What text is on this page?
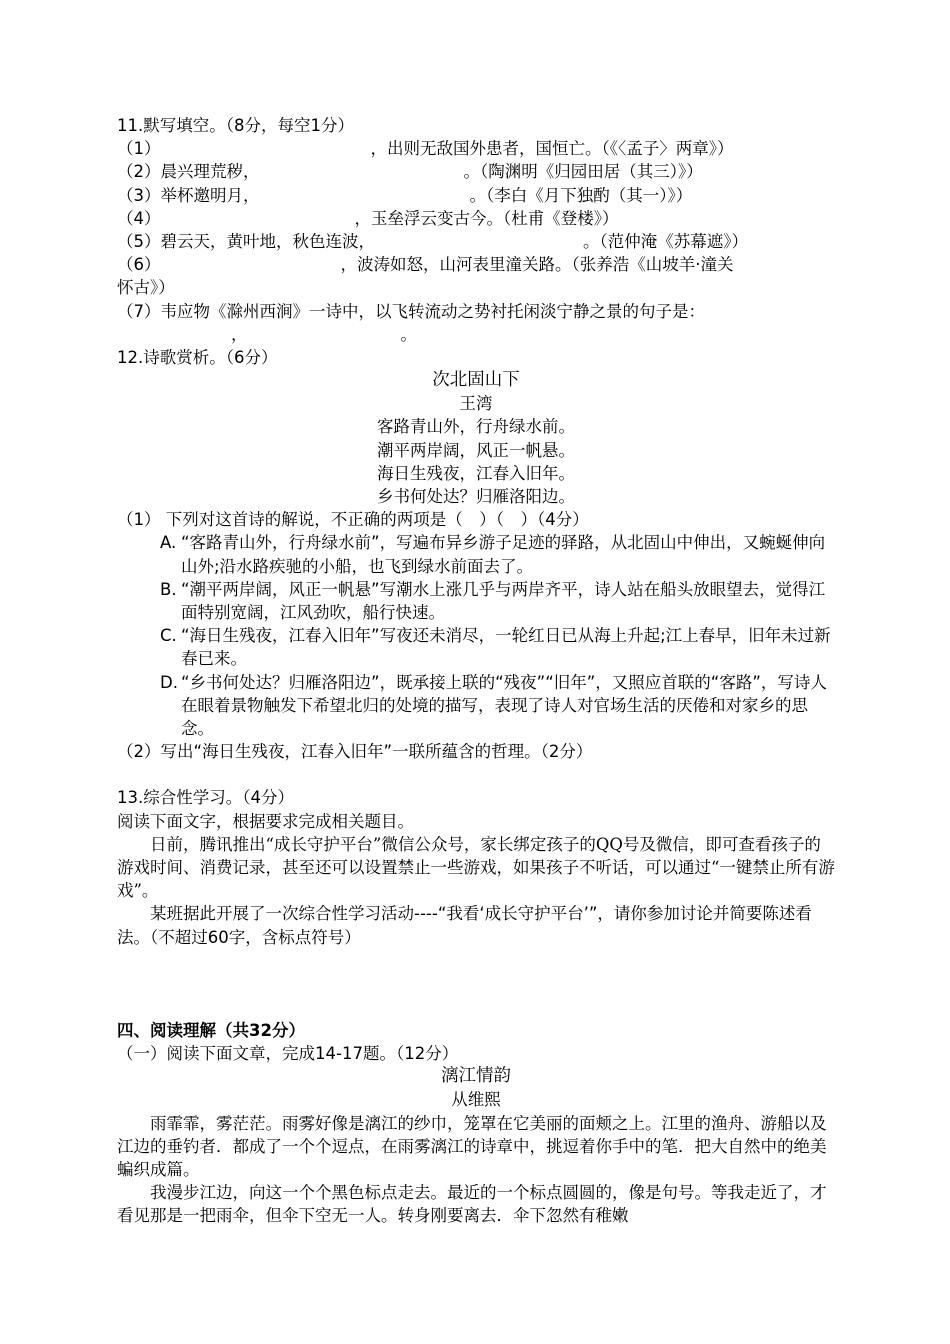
11.默写填空。（8分，每空1分）
（1）	，出则无敌国外患者，国恒亡。（《〈孟子〉两章》）
（2）晨兴理荒秽，	。（陶渊明《归园田居（其三）》）
（3）举杯邀明月，	。（李白《月下独酌（其一）》）
（4）	，玉垒浮云变古今。（杜甫《登楼》）
（5）碧云天，黄叶地，秋色连波，	。（范仲淹《苏幕遮》）
（6）	，波涛如怒，山河表里潼关路。（张养浩《山坡羊·潼关
怀古》）
（7）韦应物《滁州西涧》一诗中，以飞转流动之势衬托闲淡宁静之景的句子是：
，	。
12.诗歌赏析。（6分）
次北固山下
王湾
客路青山外，行舟绿水前。
潮平两岸阔，风正一帆悬。
海日生残夜，江春入旧年。
乡书何处达？归雁洛阳边。
（1） 下列对这首诗的解说，不正确的两项是（　）（　）（4分）
A. “客路青山外，行舟绿水前”，写遍布异乡游子足迹的驿路，从北固山中伸出，又蜿蜒伸向山外;沿水路疾驰的小船，也飞到绿水前面去了。
B. “潮平两岸阔，风正一帆悬”写潮水上涨几乎与两岸齐平，诗人站在船头放眼望去，觉得江面特别宽阔，江风劲吹，船行快速。
C. “海日生残夜，江春入旧年”写夜还未消尽，一轮红日已从海上升起;江上春早，旧年未过新春已来。
D. “乡书何处达？归雁洛阳边”，既承接上联的“残夜”“旧年”，又照应首联的“客路”，写诗人在眼着景物触发下希望北归的处境的描写，表现了诗人对官场生活的厌倦和对家乡的思念。
（2）写出“海日生残夜，江春入旧年”一联所蕴含的哲理。（2分）
13.综合性学习。（4分）
阅读下面文字，根据要求完成相关题目。
日前，腾讯推出“成长守护平台”微信公众号，家长绑定孩子的QQ号及微信，即可查看孩子的游戏时间、消费记录，甚至还可以设置禁止一些游戏，如果孩子不听话，可以通过“一键禁止所有游戏”。
某班据此开展了一次综合性学习活动----“我看‘成长守护平台’”，请你参加讨论并简要陈述看法。（不超过60字，含标点符号）
四、阅读理解（共32分）
（一）阅读下面文章，完成14-17题。（12分）
漓江情韵
从维熙
雨霏霏，雾茫茫。雨雾好像是漓江的纱巾，笼罩在它美丽的面颊之上。江里的渔舟、游船以及江边的垂钓者．都成了一个个逗点，在雨雾漓江的诗章中，挑逗着你手中的笔．把大自然中的绝美蝙织成篇。
我漫步江边，向这一个个黑色标点走去。最近的一个标点圆圆的，像是句号。等我走近了，才看见那是一把雨伞，但伞下空无一人。转身刚要离去．伞下忽然有稚嫩
